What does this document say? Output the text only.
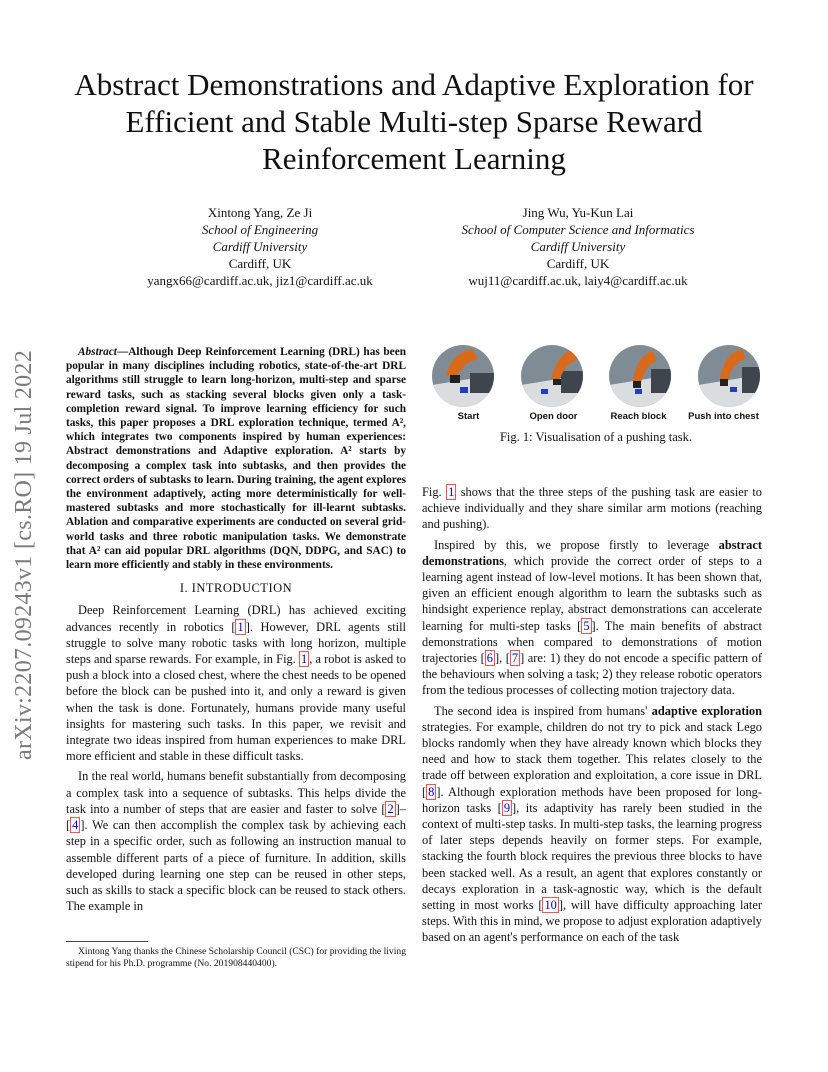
Abstract Demonstrations and Adaptive Exploration for Efficient and Stable Multi-step Sparse Reward Reinforcement Learning
Xintong Yang, Ze Ji
School of Engineering
Cardiff University
Cardiff, UK
yangx66@cardiff.ac.uk, jiz1@cardiff.ac.uk
Jing Wu, Yu-Kun Lai
School of Computer Science and Informatics
Cardiff University
Cardiff, UK
wuj11@cardiff.ac.uk, laiy4@cardiff.ac.uk
arXiv:2207.09243v1 [cs.RO] 19 Jul 2022	Abstract—Although Deep Reinforcement Learning (DRL) has been popular in many disciplines including robotics, state-of-the-art DRL algorithms still struggle to learn long-horizon, multi-step and sparse reward tasks, such as stacking several blocks given only a task-completion reward signal. To improve learning efficiency for such tasks, this paper proposes a DRL exploration technique, termed A², which integrates two components inspired by human experiences: Abstract demonstrations and Adaptive exploration. A² starts by decomposing a complex task into subtasks, and then provides the correct orders of subtasks to learn. During training, the agent explores the environment adaptively, acting more deterministically for well-mastered subtasks and more stochastically for ill-learnt subtasks. Ablation and comparative experiments are conducted on several grid-world tasks and three robotic manipulation tasks. We demonstrate that A² can aid popular DRL algorithms (DQN, DDPG, and SAC) to learn more efficiently and stably in these environments.

I. INTRODUCTION

Deep Reinforcement Learning (DRL) has achieved exciting advances recently in robotics [ 1 ]. However, DRL agents still struggle to solve many robotic tasks with long horizon, multiple steps and sparse rewards. For example, in Fig. 1 , a robot is asked to push a block into a closed chest, where the chest needs to be opened before the block can be pushed into it, and only a reward is given when the task is done. Fortunately, humans provide many useful insights for mastering such tasks. In this paper, we revisit and integrate two ideas inspired from human experiences to make DRL more efficient and stable in these difficult tasks.

In the real world, humans benefit substantially from decomposing a complex task into a sequence of subtasks. This helps divide the task into a number of steps that are easier and faster to solve [ 2 ]–[ 4 ]. We can then accomplish the complex task by achieving each step in a specific order, such as following an instruction manual to assemble different parts of a piece of furniture. In addition, skills developed during learning one step can be reused in other steps, such as skills to stack a specific block can be reused to stack others. The example in

Xintong Yang thanks the Chinese Scholarship Council (CSC) for providing the living stipend for his Ph.D. programme (No. 201908440400).
Start	Open door	Reach block	Push into chest
Fig. 1: Visualisation of a pushing task.

Fig. 1 shows that the three steps of the pushing task are easier to achieve individually and they share similar arm motions (reaching and pushing).

Inspired by this, we propose firstly to leverage abstract demonstrations, which provide the correct order of steps to a learning agent instead of low-level motions. It has been shown that, given an efficient enough algorithm to learn the subtasks such as hindsight experience replay, abstract demonstrations can accelerate learning for multi-step tasks [ 5 ]. The main benefits of abstract demonstrations when compared to demonstrations of motion trajectories [ 6 ], [ 7 ] are: 1) they do not encode a specific pattern of the behaviours when solving a task; 2) they release robotic operators from the tedious processes of collecting motion trajectory data.

The second idea is inspired from humans' adaptive exploration strategies. For example, children do not try to pick and stack Lego blocks randomly when they have already known which blocks they need and how to stack them together. This relates closely to the trade off between exploration and exploitation, a core issue in DRL [ 8 ]. Although exploration methods have been proposed for long-horizon tasks [ 9 ], its adaptivity has rarely been studied in the context of multi-step tasks. In multi-step tasks, the learning progress of later steps depends heavily on former steps. For example, stacking the fourth block requires the previous three blocks to have been stacked well. As a result, an agent that explores constantly or decays exploration in a task-agnostic way, which is the default setting in most works [ 10 ], will have difficulty approaching later steps. With this in mind, we propose to adjust exploration adaptively based on an agent's performance on each of the task
